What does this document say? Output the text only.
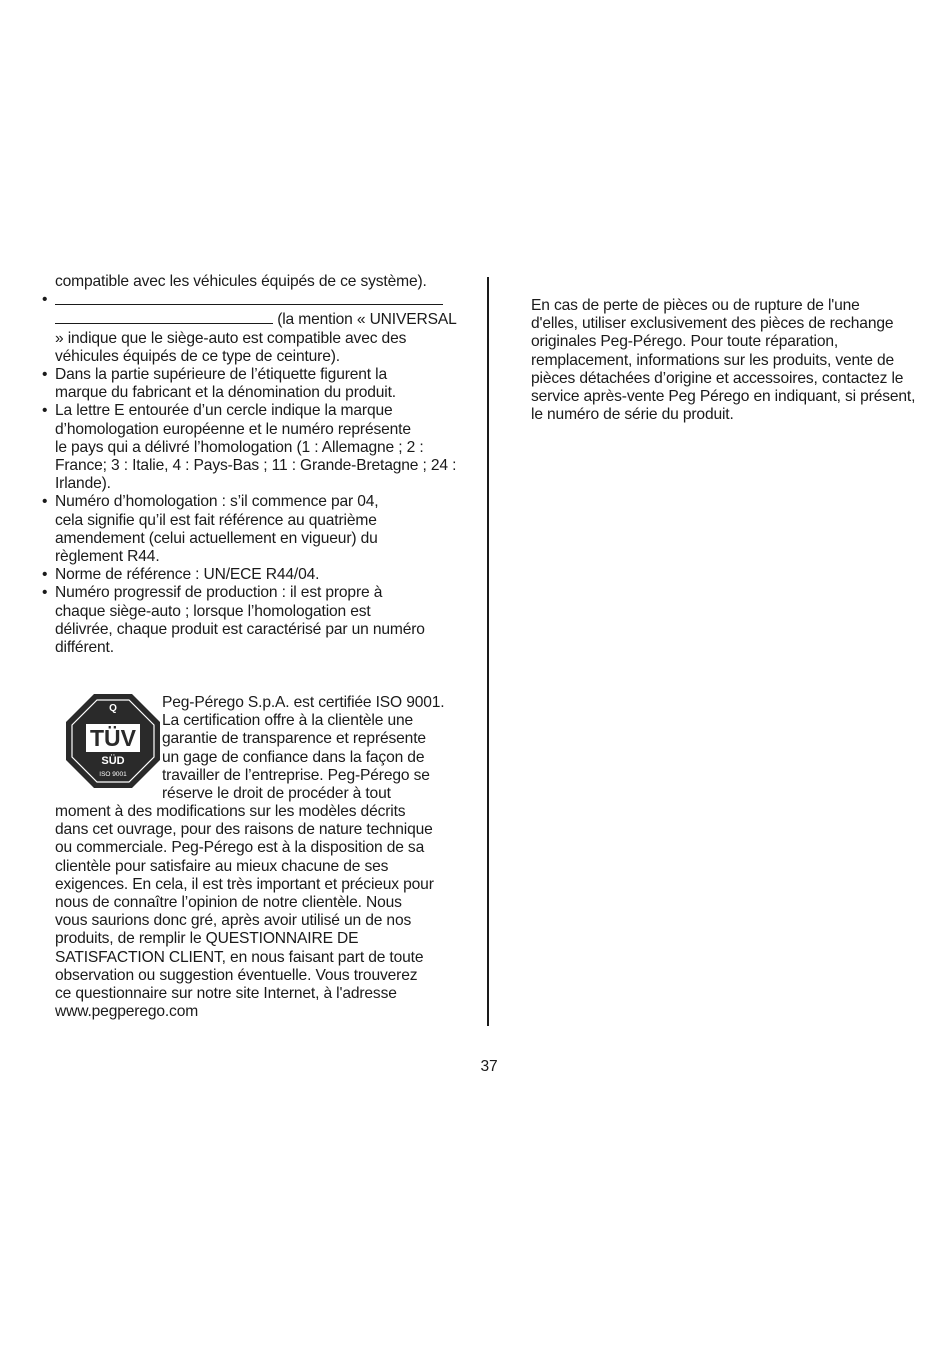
compatible avec les véhicules équipés de ce système).
•
(la mention « UNIVERSAL
» indique que le siège-auto est compatible avec des
véhicules équipés de ce type de ceinture).
• Dans la partie supérieure de l’étiquette figurent la
marque du fabricant et la dénomination du produit.
• La lettre E entourée d’un cercle indique la marque
d’homologation européenne et le numéro représente
le pays qui a délivré l’homologation (1 : Allemagne ; 2 :
France; 3 : Italie, 4 : Pays-Bas ; 11 : Grande-Bretagne ; 24 :
Irlande).
• Numéro d’homologation : s’il commence par 04,
cela signifie qu’il est fait référence au quatrième
amendement (celui actuellement en vigueur) du
règlement R44.
• Norme de référence : UN/ECE R44/04.
• Numéro progressif de production : il est propre à
chaque siège-auto ; lorsque l’homologation est
délivrée, chaque produit est caractérisé par un numéro
différent.
Q
TÜV
SÜD
ISO 9001
Peg-Pérego S.p.A. est certifiée ISO 9001.
La certification offre à la clientèle une
garantie de transparence et représente
un gage de confiance dans la façon de
travailler de l’entreprise. Peg-Pérego se
réserve le droit de procéder à tout
moment à des modifications sur les modèles décrits
dans cet ouvrage, pour des raisons de nature technique
ou commerciale. Peg-Pérego est à la disposition de sa
clientèle pour satisfaire au mieux chacune de ses
exigences. En cela, il est très important et précieux pour
nous de connaître l’opinion de notre clientèle. Nous
vous saurions donc gré, après avoir utilisé un de nos
produits, de remplir le QUESTIONNAIRE DE
SATISFACTION CLIENT, en nous faisant part de toute
observation ou suggestion éventuelle. Vous trouverez
ce questionnaire sur notre site Internet, à l'adresse
www.pegperego.com
En cas de perte de pièces ou de rupture de l'une
d'elles, utiliser exclusivement des pièces de rechange
originales Peg-Pérego. Pour toute réparation,
remplacement, informations sur les produits, vente de
pièces détachées d’origine et accessoires, contactez le
service après-vente Peg Pérego en indiquant, si présent,
le numéro de série du produit.
37
